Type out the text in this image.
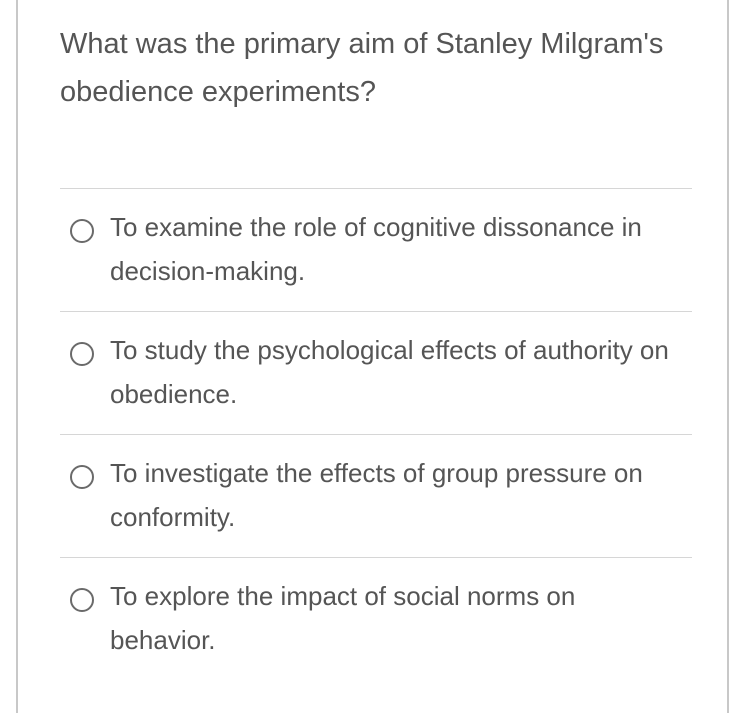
What was the primary aim of Stanley Milgram's obedience experiments?
To examine the role of cognitive dissonance in decision-making.
To study the psychological effects of authority on obedience.
To investigate the effects of group pressure on conformity.
To explore the impact of social norms on behavior.
